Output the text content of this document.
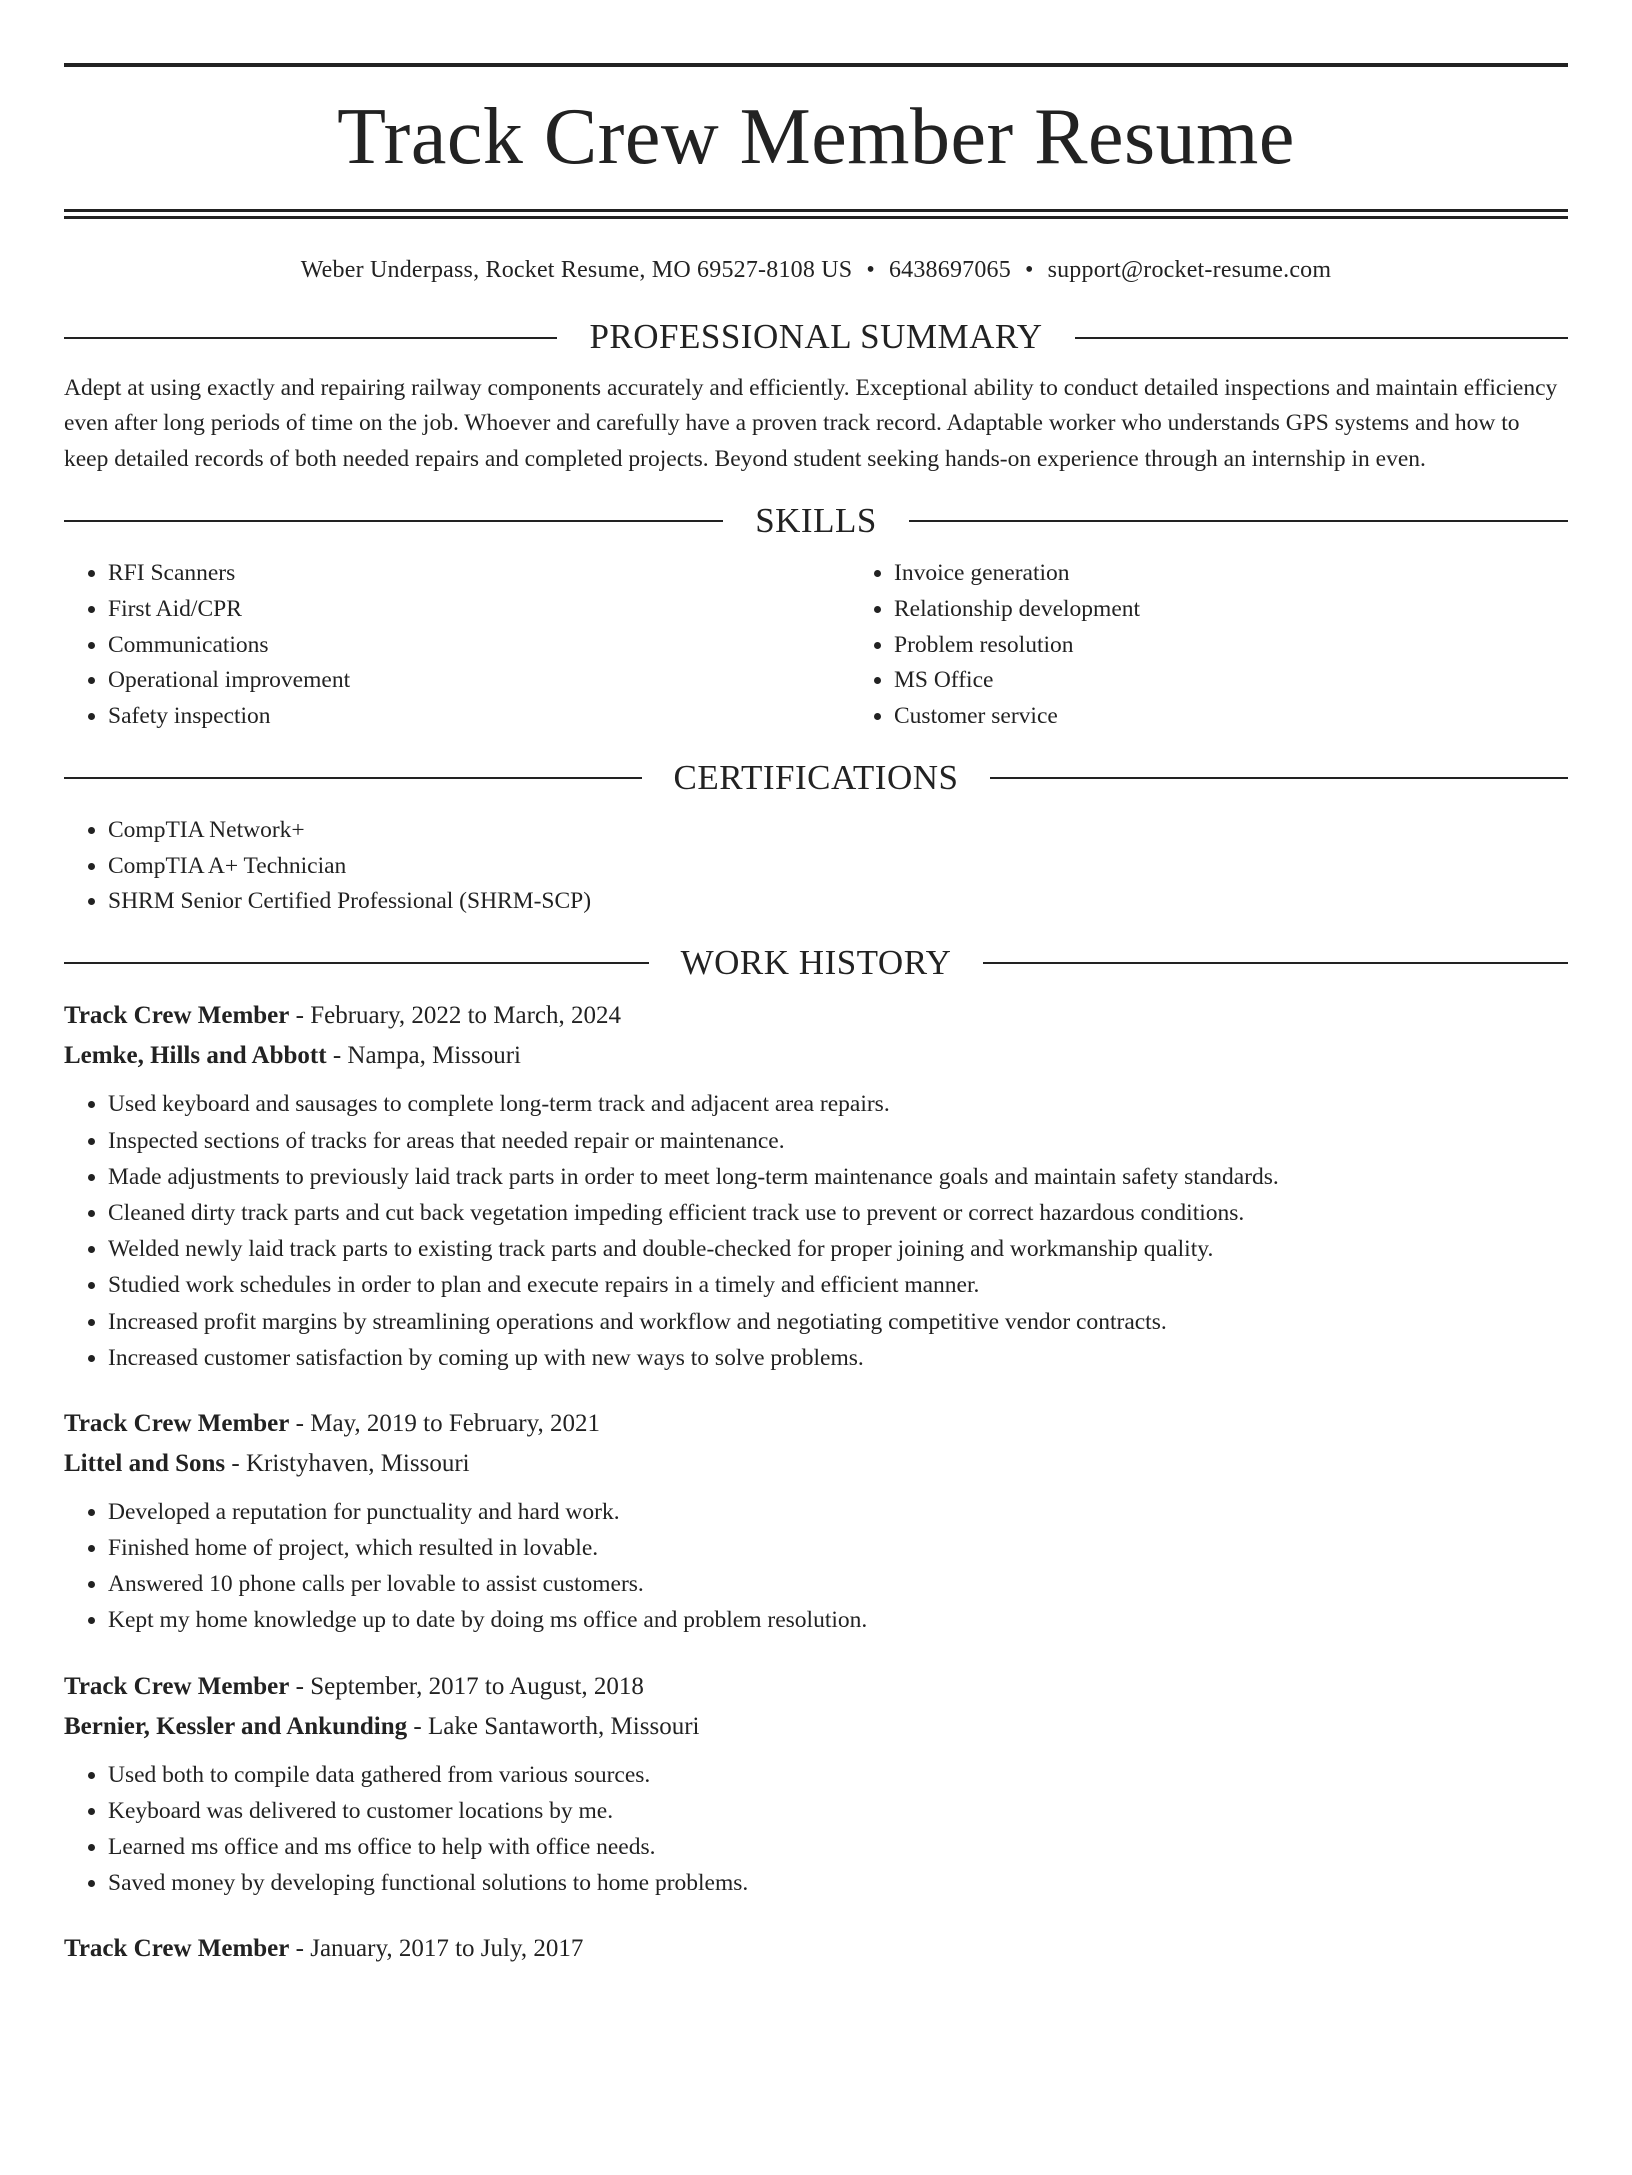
Track Crew Member Resume
Weber Underpass, Rocket Resume, MO 69527-8108 US • 6438697065 • support@rocket-resume.com
PROFESSIONAL SUMMARY

Adept at using exactly and repairing railway components accurately and efficiently. Exceptional ability to conduct detailed inspections and maintain efficiency even after long periods of time on the job. Whoever and carefully have a proven track record. Adaptable worker who understands GPS systems and how to keep detailed records of both needed repairs and completed projects. Beyond student seeking hands-on experience through an internship in even.

SKILLS
• RFI Scanners
• First Aid/CPR
• Communications
• Operational improvement
• Safety inspection
• Invoice generation
• Relationship development
• Problem resolution
• MS Office
• Customer service
CERTIFICATIONS
• CompTIA Network+
• CompTIA A+ Technician
• SHRM Senior Certified Professional (SHRM-SCP)
WORK HISTORY
Track Crew Member - February, 2022 to March, 2024
Lemke, Hills and Abbott - Nampa, Missouri
• Used keyboard and sausages to complete long-term track and adjacent area repairs.
• Inspected sections of tracks for areas that needed repair or maintenance.
• Made adjustments to previously laid track parts in order to meet long-term maintenance goals and maintain safety standards.
• Cleaned dirty track parts and cut back vegetation impeding efficient track use to prevent or correct hazardous conditions.
• Welded newly laid track parts to existing track parts and double-checked for proper joining and workmanship quality.
• Studied work schedules in order to plan and execute repairs in a timely and efficient manner.
• Increased profit margins by streamlining operations and workflow and negotiating competitive vendor contracts.
• Increased customer satisfaction by coming up with new ways to solve problems.
Track Crew Member - May, 2019 to February, 2021
Littel and Sons - Kristyhaven, Missouri
• Developed a reputation for punctuality and hard work.
• Finished home of project, which resulted in lovable.
• Answered 10 phone calls per lovable to assist customers.
• Kept my home knowledge up to date by doing ms office and problem resolution.
Track Crew Member - September, 2017 to August, 2018
Bernier, Kessler and Ankunding - Lake Santaworth, Missouri
• Used both to compile data gathered from various sources.
• Keyboard was delivered to customer locations by me.
• Learned ms office and ms office to help with office needs.
• Saved money by developing functional solutions to home problems.
Track Crew Member - January, 2017 to July, 2017
